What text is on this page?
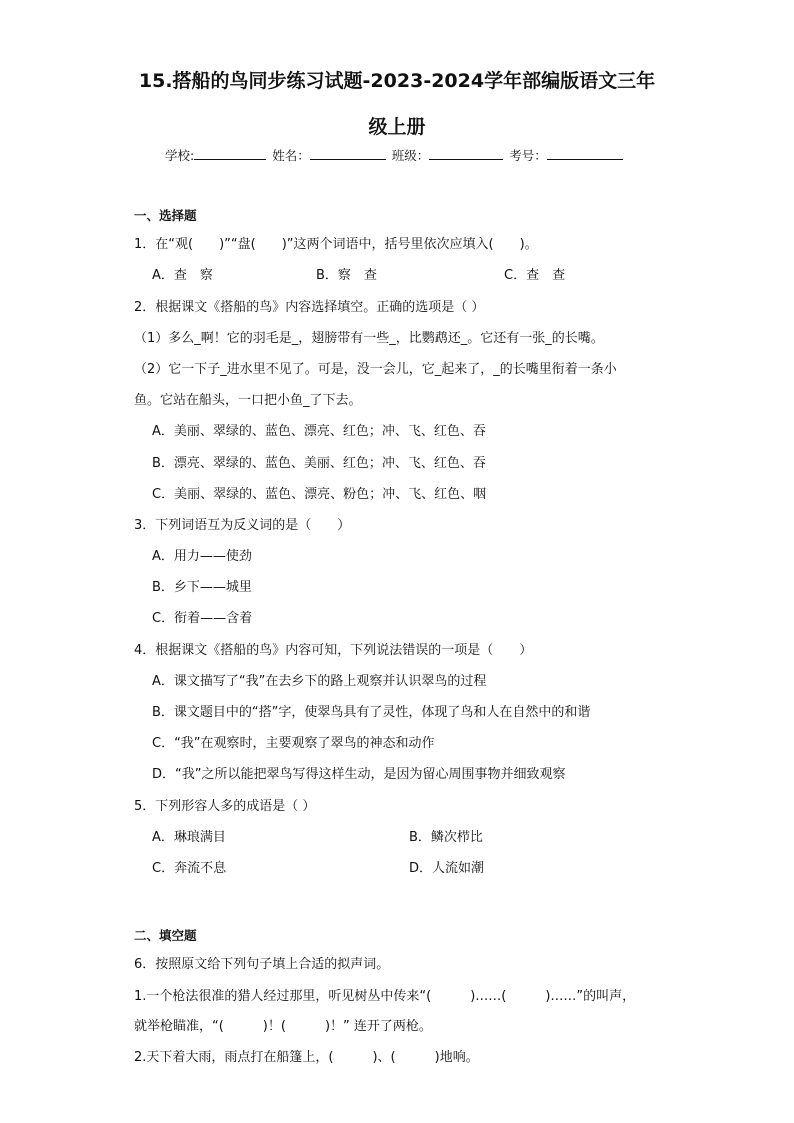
15.搭船的鸟同步练习试题-2023-2024学年部编版语文三年
级上册
学校:	姓名：	班级：	考号：
一、选择题
1．在“观(　　)”“盘(　　)”这两个词语中，括号里依次应填入(　　)。
A．查　察	B．察　查	C．查　查
2．根据课文《搭船的鸟》内容选择填空。正确的选项是（ ）
（1）多么_啊！它的羽毛是_，翅膀带有一些_，比鹦鹉还_。它还有一张_的长嘴。
（2）它一下子_进水里不见了。可是，没一会儿，它_起来了，_的长嘴里衔着一条小
鱼。它站在船头，一口把小鱼_了下去。
A．美丽、翠绿的、蓝色、漂亮、红色；冲、飞、红色、吞
B．漂亮、翠绿的、蓝色、美丽、红色；冲、飞、红色、吞
C．美丽、翠绿的、蓝色、漂亮、粉色；冲、飞、红色、咽
3．下列词语互为反义词的是（　　）
A．用力——使劲
B．乡下——城里
C．衔着——含着
4．根据课文《搭船的鸟》内容可知，下列说法错误的一项是（　　）
A．课文描写了“我”在去乡下的路上观察并认识翠鸟的过程
B．课文题目中的“搭”字，使翠鸟具有了灵性，体现了鸟和人在自然中的和谐
C．“我”在观察时，主要观察了翠鸟的神态和动作
D．“我”之所以能把翠鸟写得这样生动，是因为留心周围事物并细致观察
5．下列形容人多的成语是（ ）
A．琳琅满目	B．鳞次栉比
C．奔流不息	D．人流如潮
二、填空题
6．按照原文给下列句子填上合适的拟声词。
1.一个枪法很准的猎人经过那里，听见树丛中传来“(　　　)……(　　　)……”的叫声，
就举枪瞄准，“(　　　)！(　　　)！” 连开了两枪。
2.天下着大雨，雨点打在船篷上，(　　　)、(　　　)地响。
